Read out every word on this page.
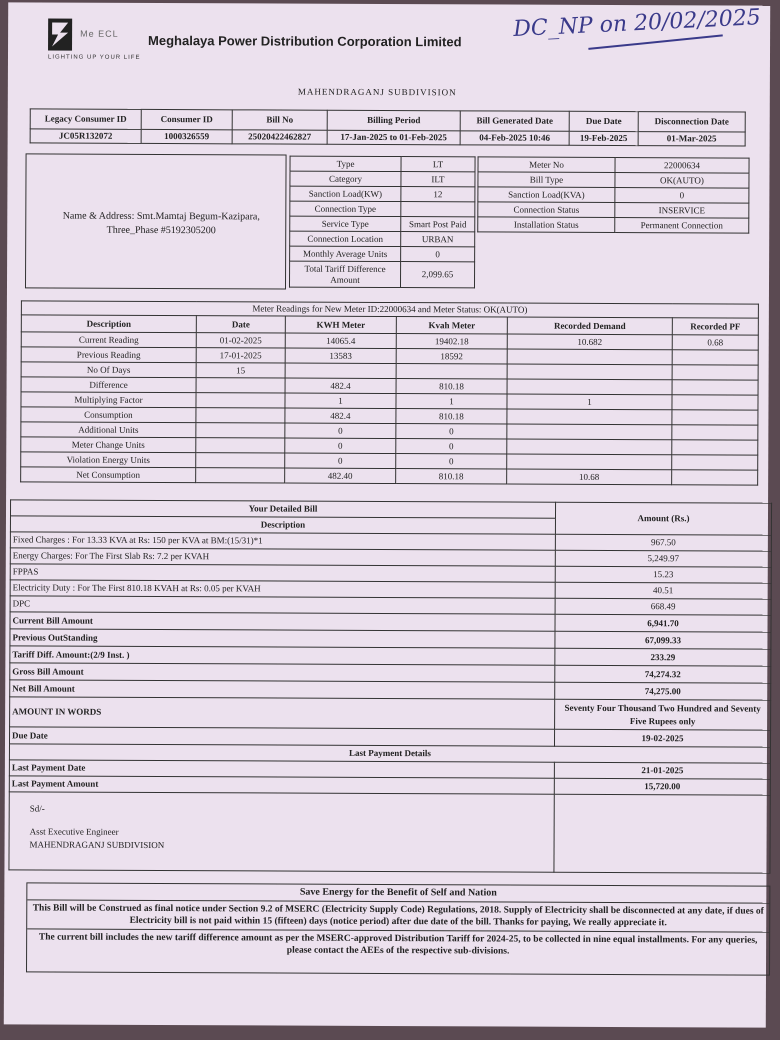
Me ECL
LIGHTING UP YOUR LIFE
Meghalaya Power Distribution Corporation Limited DC_NP on 20/02/2025
MAHENDRAGANJ SUBDIVISION
Legacy Consumer ID	Consumer ID	Bill No	Billing Period	Bill Generated Date	Due Date	Disconnection Date
JC05R132072	1000326559	25020422462827	17-Jan-2025 to 01-Feb-2025	04-Feb-2025 10:46	19-Feb-2025	01-Mar-2025
Name & Address: Smt.Mamtaj Begum-Kazipara, Three_Phase #5192305200
Type	LT
Category	ILT
Sanction Load(KW)	12
Connection Type	
Service Type	Smart Post Paid
Connection Location	URBAN
Monthly Average Units	0
Total Tariff Difference Amount	2,099.65
Meter No	22000634
Bill Type	OK(AUTO)
Sanction Load(KVA)	0
Connection Status	INSERVICE
Installation Status	Permanent Connection
Meter Readings for New Meter ID:22000634 and Meter Status: OK(AUTO)					
Description	Date	KWH Meter	Kvah Meter	Recorded Demand	Recorded PF
Current Reading	01-02-2025	14065.4	19402.18	10.682	0.68
Previous Reading	17-01-2025	13583	18592		
No Of Days	15				
Difference		482.4	810.18		
Multiplying Factor		1	1	1	
Consumption		482.4	810.18		
Additional Units		0	0		
Meter Change Units		0	0		
Violation Energy Units		0	0		
Net Consumption		482.40	810.18	10.68	
Your Detailed Bill	Amount (Rs.)
Description	
Fixed Charges : For 13.33 KVA at Rs: 150 per KVA at BM:(15/31)*1	967.50
Energy Charges: For The First Slab Rs: 7.2 per KVAH	5,249.97
FPPAS	15.23
Electricity Duty : For The First 810.18 KVAH at Rs: 0.05 per KVAH	40.51
DPC	668.49
Current Bill Amount	6,941.70
Previous OutStanding	67,099.33
Tariff Diff. Amount:(2/9 Inst. )	233.29
Gross Bill Amount	74,274.32
Net Bill Amount	74,275.00
AMOUNT IN WORDS	Seventy Four Thousand Two Hundred and Seventy Five Rupees only
Due Date	19-02-2025
Last Payment Details	
Last Payment Date	21-01-2025
Last Payment Amount	15,720.00

Sd/-
Asst Executive Engineer
MAHENDRAGANJ SUBDIVISION	

Save Energy for the Benefit of Self and Nation
This Bill will be Construed as final notice under Section 9.2 of MSERC (Electricity Supply Code) Regulations, 2018. Supply of Electricity shall be disconnected at any date, if dues of Electricity bill is not paid within 15 (fifteen) days (notice period) after due date of the bill. Thanks for paying, We really appreciate it.
The current bill includes the new tariff difference amount as per the MSERC-approved Distribution Tariff for 2024-25, to be collected in nine equal installments. For any queries, please contact the AEEs of the respective sub-divisions.
